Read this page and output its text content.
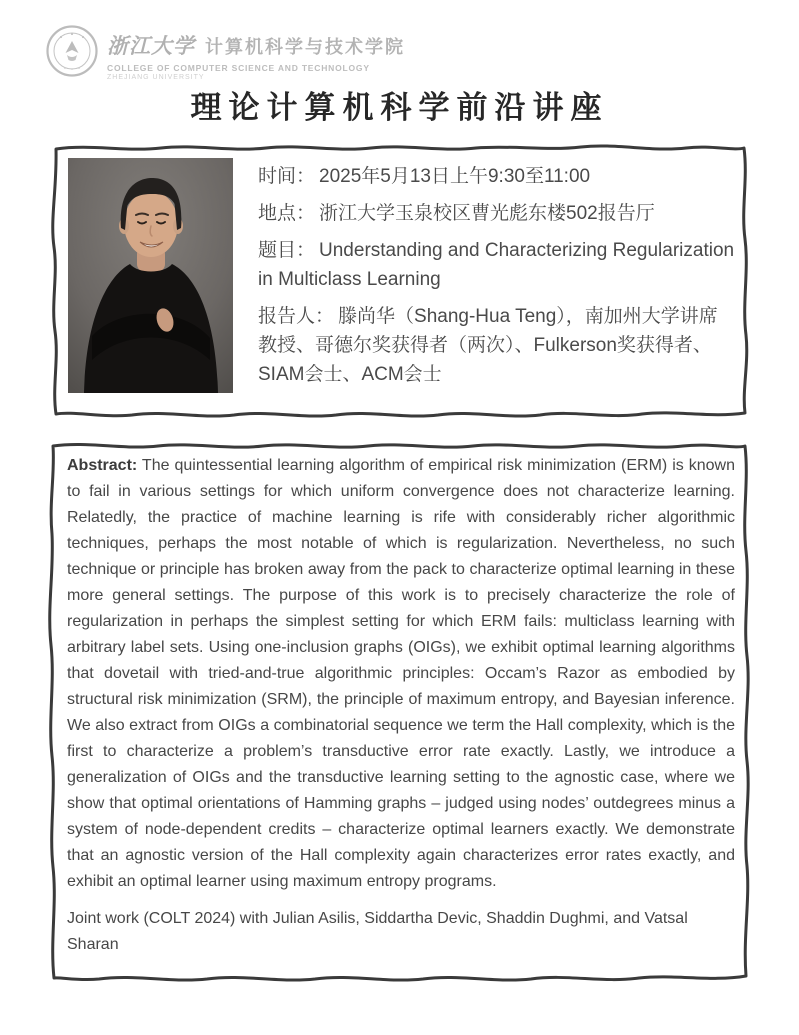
浙江大学 计算机科学与技术学院
COLLEGE OF COMPUTER SCIENCE AND TECHNOLOGY
ZHEJIANG UNIVERSITY
理论计算机科学前沿讲座

时间： 2025年5月13日上午9:30至11:00

地点： 浙江大学玉泉校区曹光彪东楼502报告厅

题目： Understanding and Characterizing Regularization in Multiclass Learning

报告人： 滕尚华（Shang-Hua Teng），南加州大学讲席教授、哥德尔奖获得者（两次）、Fulkerson奖获得者、SIAM会士、ACM会士

Abstract: The quintessential learning algorithm of empirical risk minimization (ERM) is known to fail in various settings for which uniform convergence does not characterize learning. Relatedly, the practice of machine learning is rife with considerably richer algorithmic techniques, perhaps the most notable of which is regularization. Nevertheless, no such technique or principle has broken away from the pack to characterize optimal learning in these more general settings. The purpose of this work is to precisely characterize the role of regularization in perhaps the simplest setting for which ERM fails: multiclass learning with arbitrary label sets. Using one-inclusion graphs (OIGs), we exhibit optimal learning algorithms that dovetail with tried-and-true algorithmic principles: Occam’s Razor as embodied by structural risk minimization (SRM), the principle of maximum entropy, and Bayesian inference. We also extract from OIGs a combinatorial sequence we term the Hall complexity, which is the first to characterize a problem’s transductive error rate exactly. Lastly, we introduce a generalization of OIGs and the transductive learning setting to the agnostic case, where we show that optimal orientations of Hamming graphs – judged using nodes’ outdegrees minus a system of node-dependent credits – characterize optimal learners exactly. We demonstrate that an agnostic version of the Hall complexity again characterizes error rates exactly, and exhibit an optimal learner using maximum entropy programs.

Joint work (COLT 2024) with Julian Asilis, Siddartha Devic, Shaddin Dughmi, and Vatsal Sharan
